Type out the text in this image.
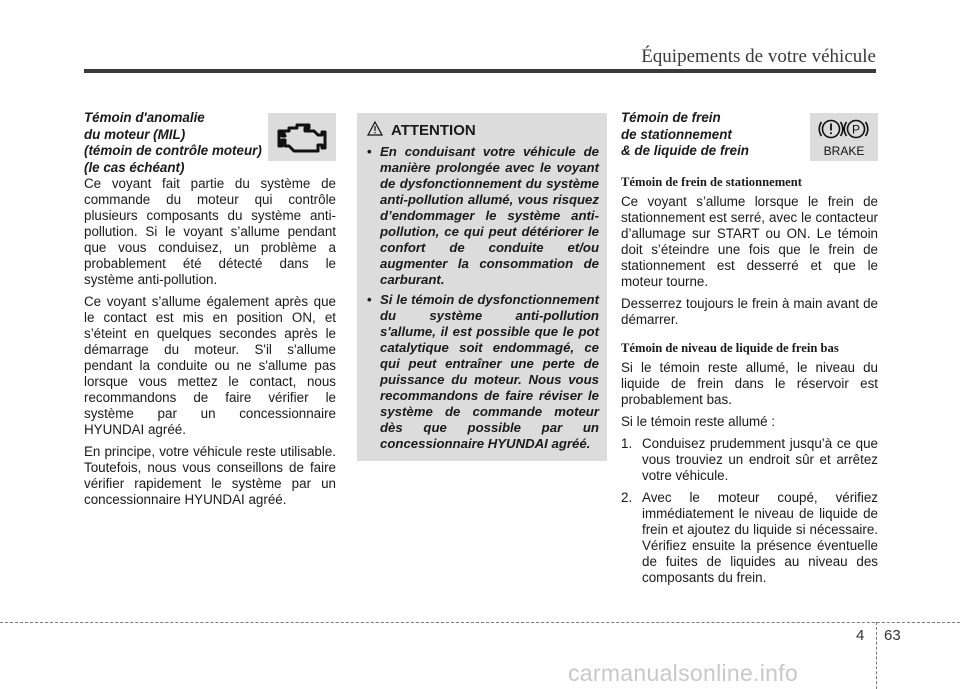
Équipements de votre véhicule
Témoin d'anomalie
du moteur (MIL)
(témoin de contrôle moteur)
(le cas échéant)

Ce voyant fait partie du système de commande du moteur qui contrôle plusieurs composants du système anti-pollution. Si le voyant s’allume pendant que vous conduisez, un problème a probablement été détecté dans le système anti-pollution.

Ce voyant s’allume également après que le contact est mis en position ON, et s’éteint en quelques secondes après le démarrage du moteur. S'il s'allume pendant la conduite ou ne s'allume pas lorsque vous mettez le contact, nous recommandons de faire vérifier le système par un concessionnaire HYUNDAI agréé.

En principe, votre véhicule reste utilisable. Toutefois, nous vous conseillons de faire vérifier rapidement le système par un concessionnaire HYUNDAI agréé.

ATTENTION
• En conduisant votre véhicule de manière prolongée avec le voyant de dysfonctionnement du système anti-pollution allumé, vous risquez d’endommager le système anti-pollution, ce qui peut détériorer le confort de conduite et/ou augmenter la consommation de carburant.
• Si le témoin de dysfonctionnement du système anti-pollution s'allume, il est possible que le pot catalytique soit endommagé, ce qui peut entraîner une perte de puissance du moteur. Nous vous recommandons de faire réviser le système de commande moteur dès que possible par un concessionnaire HYUNDAI agréé.
P
BRAKE
Témoin de frein
de stationnement
& de liquide de frein

Témoin de frein de stationnement

Ce voyant s’allume lorsque le frein de stationnement est serré, avec le contacteur d’allumage sur START ou ON. Le témoin doit s’éteindre une fois que le frein de stationnement est desserré et que le moteur tourne.

Desserrez toujours le frein à main avant de démarrer.

Témoin de niveau de liquide de frein bas

Si le témoin reste allumé, le niveau du liquide de frein dans le réservoir est probablement bas.

Si le témoin reste allumé :

1. Conduisez prudemment jusqu’à ce que vous trouviez un endroit sûr et arrêtez votre véhicule.
2. Avec le moteur coupé, vérifiez immédiatement le niveau de liquide de frein et ajoutez du liquide si nécessaire. Vérifiez ensuite la présence éventuelle de fuites de liquides au niveau des composants du frein.
4 63
carmanualsonline.info
